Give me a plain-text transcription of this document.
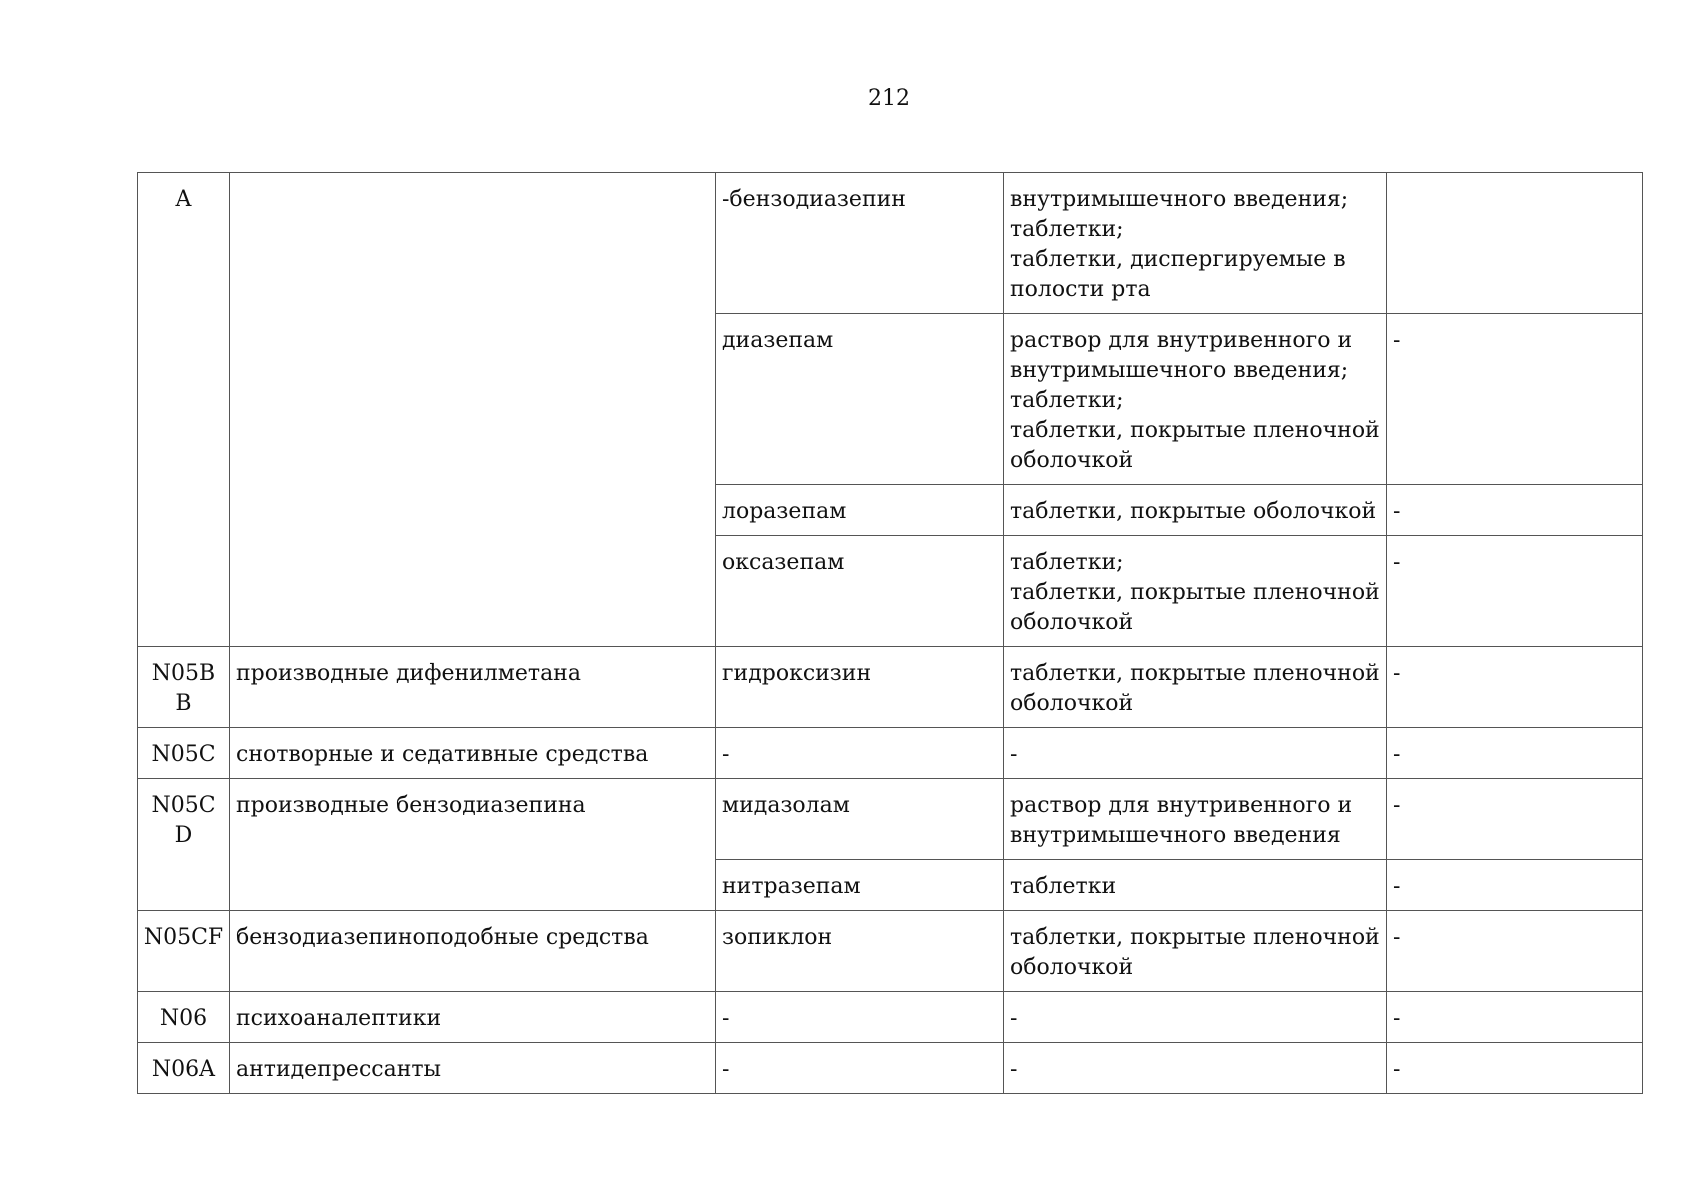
212
A		-бензодиазепин	внутримышечного введения;
таблетки;
таблетки, диспергируемые в
полости рта	

		диазепам	раствор для внутривенного и
внутримышечного введения;
таблетки;
таблетки, покрытые пленочной
оболочкой	-
		лоразепам	таблетки, покрытые оболочкой	-
		оксазепам	таблетки;
таблетки, покрытые пленочной
оболочкой	-

N05B
B	производные дифенилметана	гидроксизин	таблетки, покрытые пленочной
оболочкой	-
N05C	снотворные и седативные средства	-	-	-

N05C
D	производные бензодиазепина	мидазолам	раствор для внутривенного и
внутримышечного введения	-
		нитразепам	таблетки	-
N05CF	бензодиазепиноподобные средства	зопиклон	таблетки, покрытые пленочной
оболочкой	-
N06	психоаналептики	-	-	-
N06A	антидепрессанты	-	-	-
